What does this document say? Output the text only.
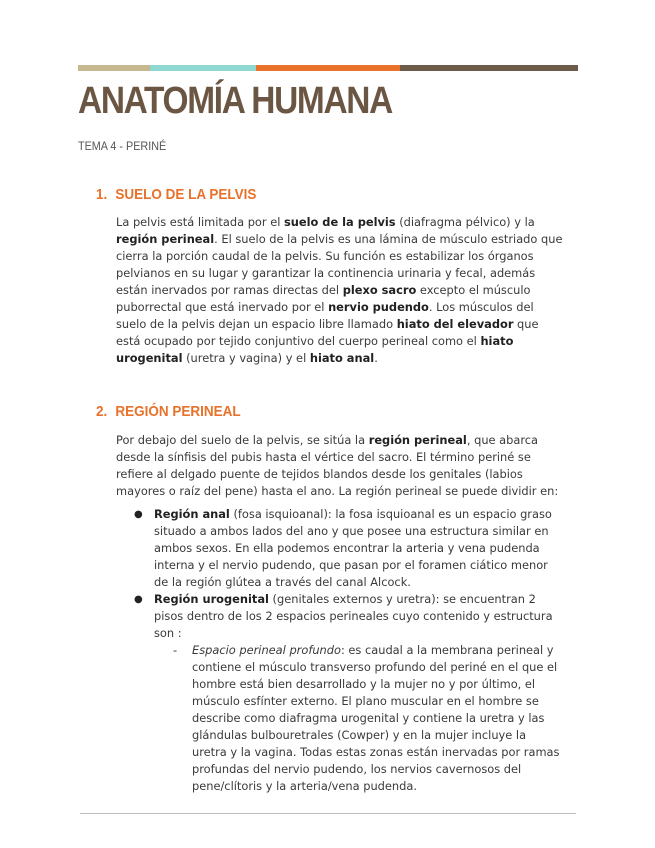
ANATOMÍA HUMANA
TEMA 4 - PERINÉ
1. SUELO DE LA PELVIS

La pelvis está limitada por el suelo de la pelvis (diafragma pélvico) y la región perineal. El suelo de la pelvis es una lámina de músculo estriado que cierra la porción caudal de la pelvis. Su función es estabilizar los órganos pelvianos en su lugar y garantizar la continencia urinaria y fecal, además están inervados por ramas directas del plexo sacro excepto el músculo puborrectal que está inervado por el nervio pudendo. Los músculos del suelo de la pelvis dejan un espacio libre llamado hiato del elevador que está ocupado por tejido conjuntivo del cuerpo perineal como el hiato urogenital (uretra y vagina) y el hiato anal.

2. REGIÓN PERINEAL

Por debajo del suelo de la pelvis, se sitúa la región perineal, que abarca desde la sínfisis del pubis hasta el vértice del sacro. El término periné se refiere al delgado puente de tejidos blandos desde los genitales (labios mayores o raíz del pene) hasta el ano. La región perineal se puede dividir en:

● Región anal (fosa isquioanal): la fosa isquioanal es un espacio graso situado a ambos lados del ano y que posee una estructura similar en ambos sexos. En ella podemos encontrar la arteria y vena pudenda interna y el nervio pudendo, que pasan por el foramen ciático menor de la región glútea a través del canal Alcock.
● Región urogenital (genitales externos y uretra): se encuentran 2 pisos dentro de los 2 espacios perineales cuyo contenido y estructura son :
- Espacio perineal profundo: es caudal a la membrana perineal y contiene el músculo transverso profundo del periné en el que el hombre está bien desarrollado y la mujer no y por último, el músculo esfínter externo. El plano muscular en el hombre se describe como diafragma urogenital y contiene la uretra y las glándulas bulbouretrales (Cowper) y en la mujer incluye la uretra y la vagina. Todas estas zonas están inervadas por ramas profundas del nervio pudendo, los nervios cavernosos del pene/clítoris y la arteria/vena pudenda.
